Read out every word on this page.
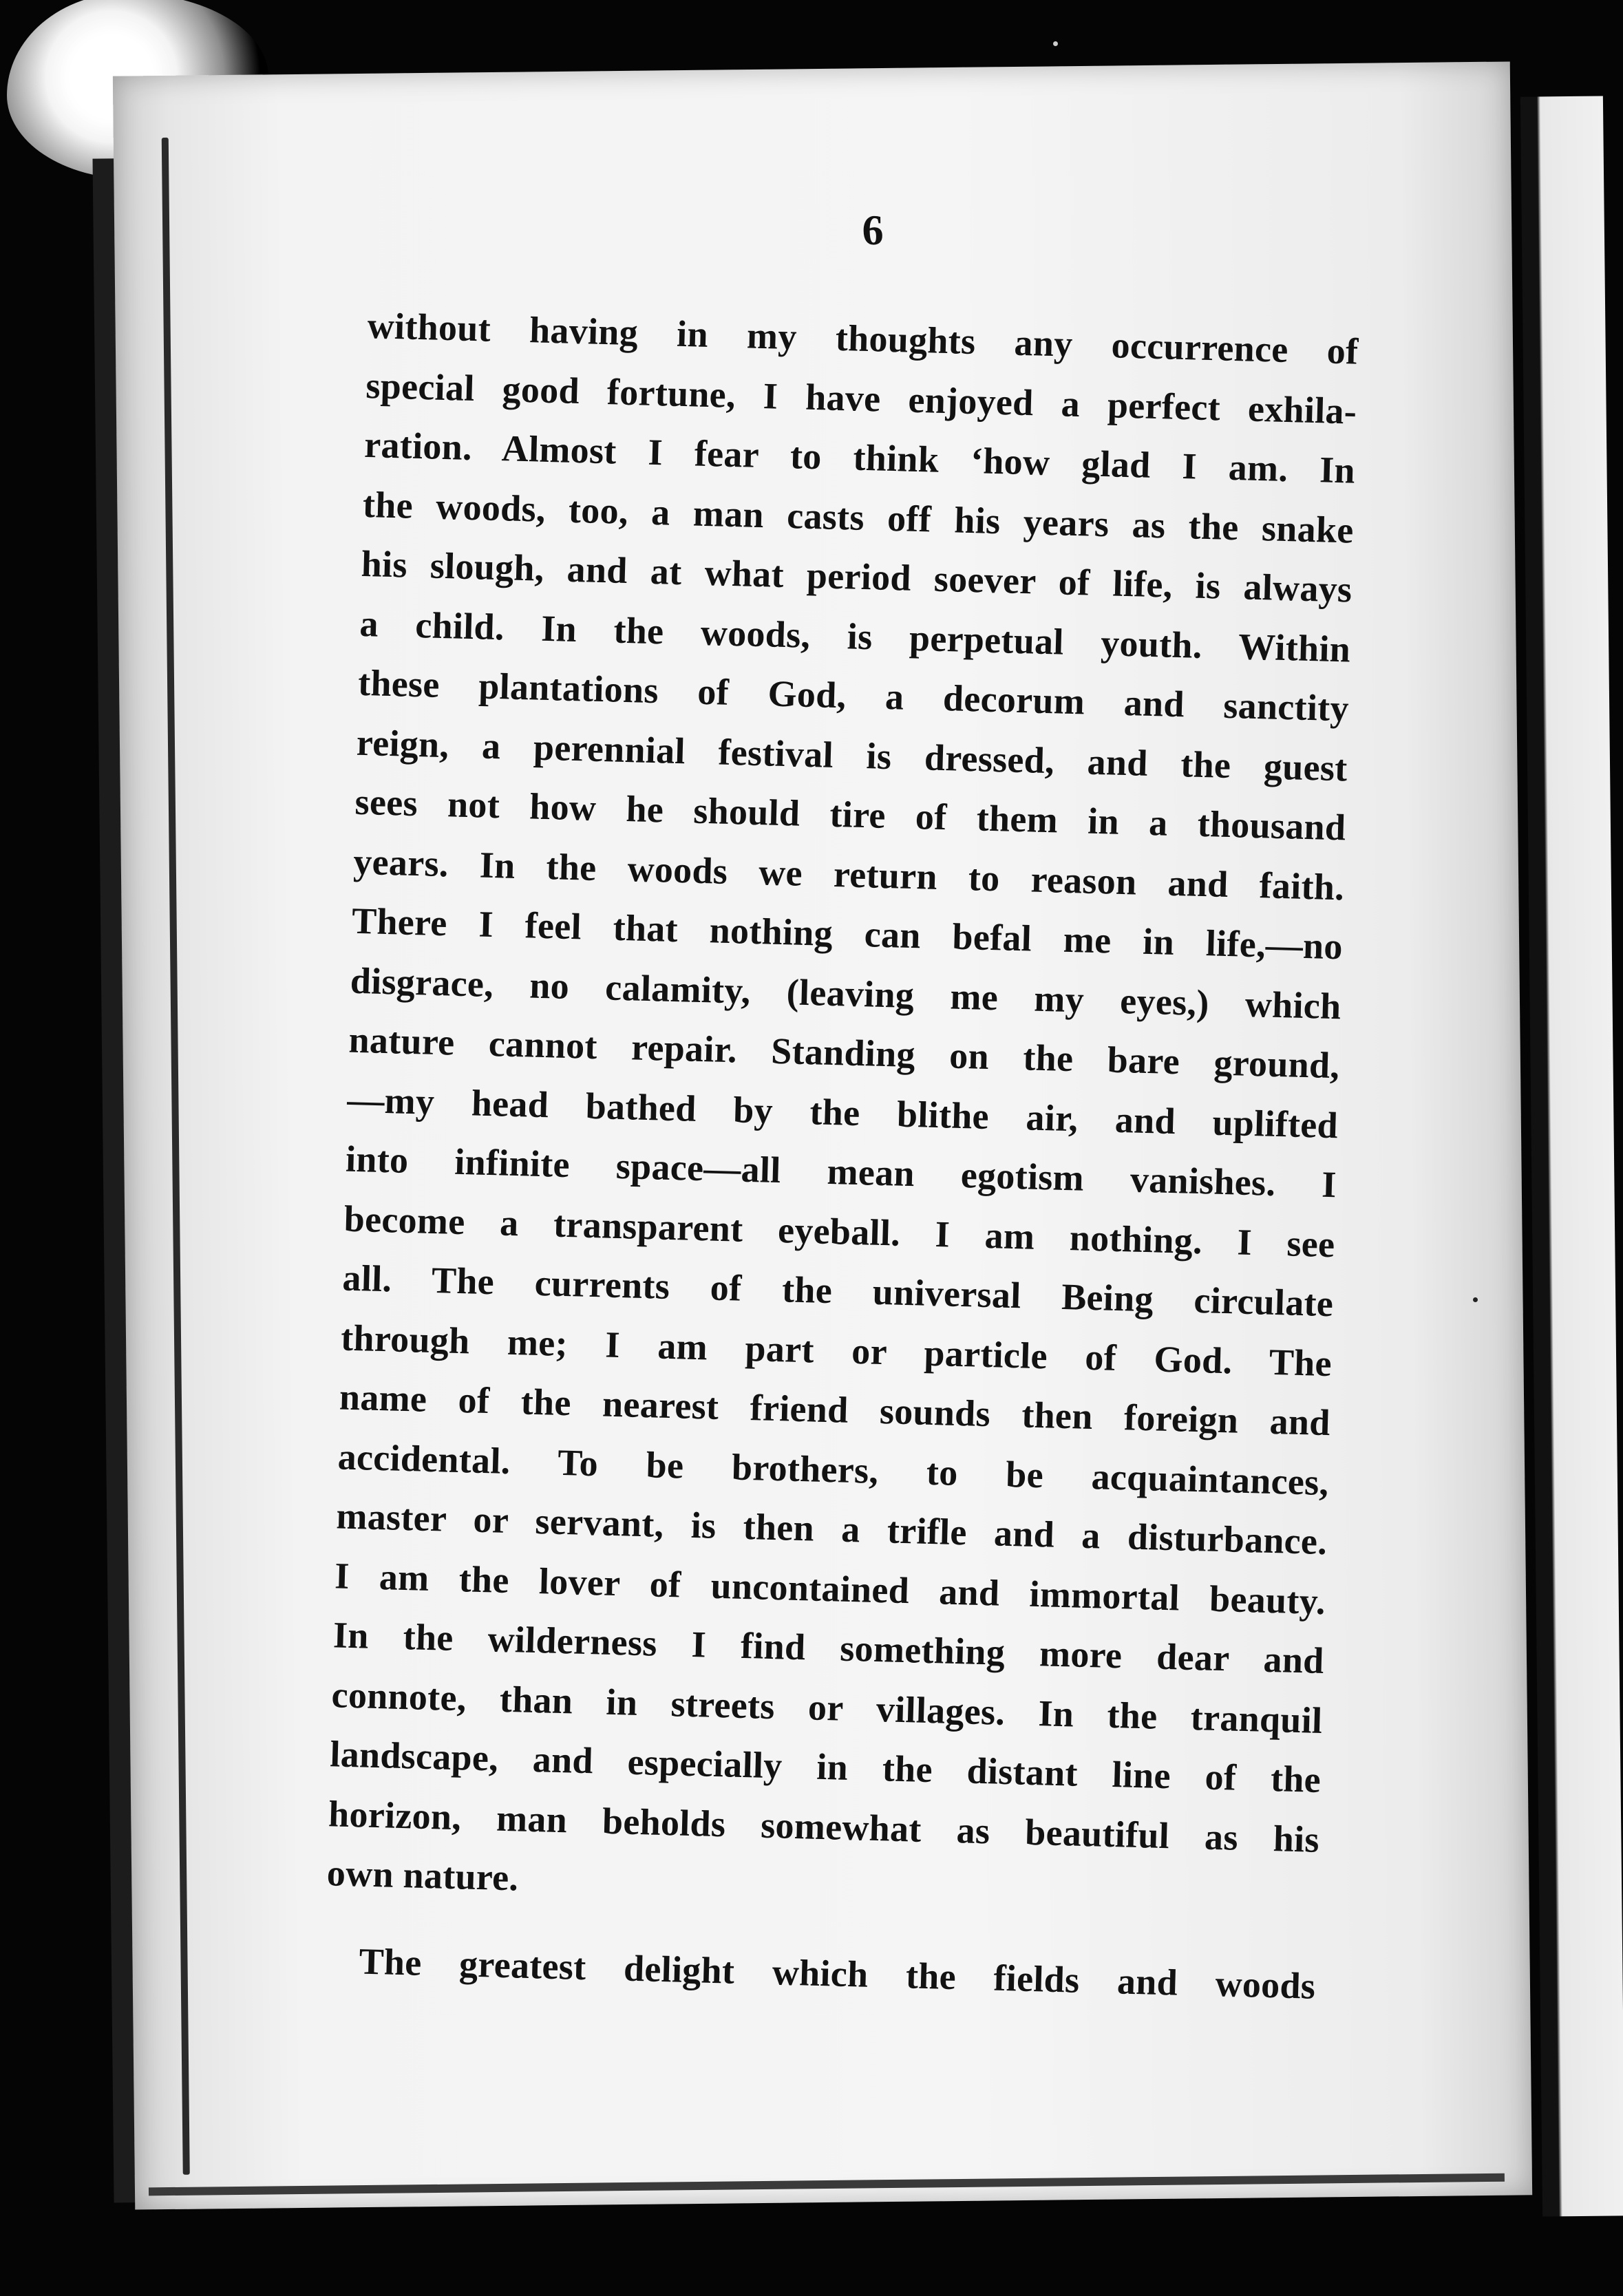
6
without having in my thoughts any occurrence of
special good fortune, I have enjoyed a perfect exhila-
ration. Almost I fear to think ‘how glad I am. In
the woods, too, a man casts off his years as the snake
his slough, and at what period soever of life, is always
a child. In the woods, is perpetual youth. Within
these plantations of God, a decorum and sanctity
reign, a perennial festival is dressed, and the guest
sees not how he should tire of them in a thousand
years. In the woods we return to reason and faith.
There I feel that nothing can befal me in life,—no
disgrace, no calamity, (leaving me my eyes,) which
nature cannot repair. Standing on the bare ground,
—my head bathed by the blithe air, and uplifted
into infinite space—all mean egotism vanishes. I
become a transparent eyeball. I am nothing. I see
all. The currents of the universal Being circulate
through me; I am part or particle of God. The
name of the nearest friend sounds then foreign and
accidental. To be brothers, to be acquaintances,
master or servant, is then a trifle and a disturbance.
I am the lover of uncontained and immortal beauty.
In the wilderness I find something more dear and
connote, than in streets or villages. In the tranquil
landscape, and especially in the distant line of the
horizon, man beholds somewhat as beautiful as his
own nature.
The greatest delight which the fields and woods
